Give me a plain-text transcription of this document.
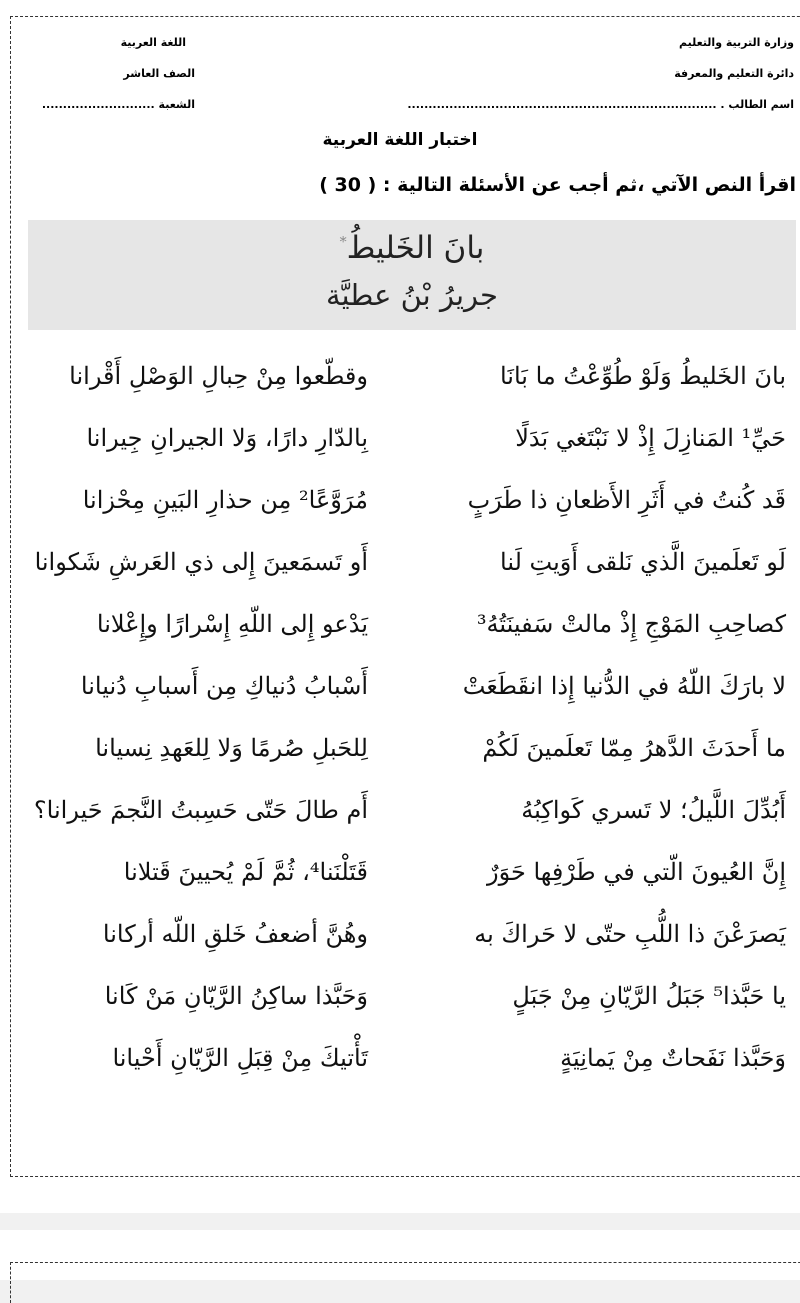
وزارة التربية والتعليم
دائرة التعليم والمعرفة
اسم الطالب . ..........................................................................
اللغة العربية
الصف العاشر
الشعبة ...........................
اختبار اللغة العربية
اقرأ النص الآتي ،ثم أجب عن الأسئلة التالية : ( 30 )
بانَ الخَليطُ*
جريرُ بْنُ عطيَّة
بانَ الخَليطُ وَلَوْ طُوِّعْتُ ما بَانَا
وقطّعوا مِنْ حِبالِ الوَصْلِ أَقْرانا
حَيِّ¹ المَنازِلَ إِذْ لا نَبْتَغي بَدَلًا
بِالدّارِ دارًا، وَلا الجيرانِ جِيرانا
قَد كُنتُ في أَثَرِ الأَظعانِ ذا طَرَبٍ
مُرَوَّعًا² مِن حذارِ البَينِ مِحْزانا
لَو تَعلَمينَ الَّذي نَلقى أَوَيتِ لَنا
أَو تَسمَعينَ إِلى ذي العَرشِ شَكوانا
كصاحِبِ المَوْجِ إِذْ مالتْ سَفينَتُهُ³
يَدْعو إِلى اللّهِ إِسْرارًا وإِعْلانا
لا بارَكَ اللّهُ في الدُّنيا إِذا انقَطَعَتْ
أَسْبابُ دُنياكِ مِن أَسبابِ دُنيانا
ما أَحدَثَ الدَّهرُ مِمّا تَعلَمينَ لَكُمْ
لِلحَبلِ صُرمًا وَلا لِلعَهدِ نِسيانا
أَبُدِّلَ اللَّيلُ؛ لا تَسري كَواكِبُهُ
أَم طالَ حَتّى حَسِبتُ النَّجمَ حَيرانا؟
إِنَّ العُيونَ الّتي في طَرْفِها حَوَرٌ
قَتَلْنَنا⁴، ثُمَّ لَمْ يُحيينَ قَتلانا
يَصرَعْنَ ذا اللُّبِ حتّى لا حَراكَ به
وهُنَّ أضعفُ خَلقِ اللّه أركانا
يا حَبَّذا⁵ جَبَلُ الرَّيّانِ مِنْ جَبَلٍ
وَحَبَّذا ساكِنُ الرَّيّانِ مَنْ كَانا
وَحَبَّذا نَفَحاتٌ مِنْ يَمانِيَةٍ
تَأْتيكَ مِنْ قِبَلِ الرَّيّانِ أَحْيانا
